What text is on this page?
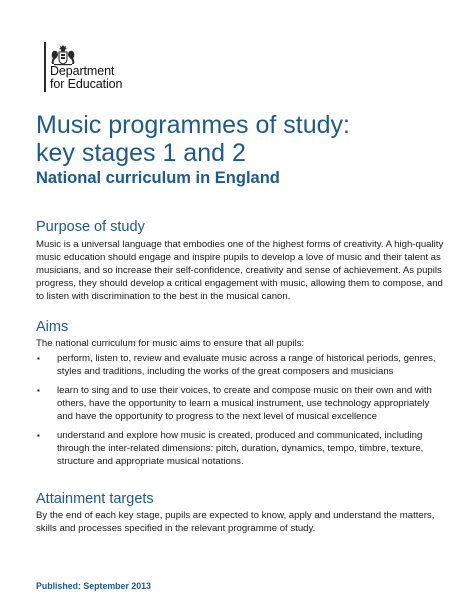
Department
for Education
Music programmes of study:
key stages 1 and 2
National curriculum in England
Purpose of study
Music is a universal language that embodies one of the highest forms of creativity. A high-quality music education should engage and inspire pupils to develop a love of music and their talent as musicians, and so increase their self-confidence, creativity and sense of achievement. As pupils progress, they should develop a critical engagement with music, allowing them to compose, and to listen with discrimination to the best in the musical canon.
Aims
The national curriculum for music aims to ensure that all pupils:
▪ perform, listen to, review and evaluate music across a range of historical periods, genres, styles and traditions, including the works of the great composers and musicians
▪ learn to sing and to use their voices, to create and compose music on their own and with others, have the opportunity to learn a musical instrument, use technology appropriately and have the opportunity to progress to the next level of musical excellence
▪ understand and explore how music is created, produced and communicated, including through the inter-related dimensions: pitch, duration, dynamics, tempo, timbre, texture, structure and appropriate musical notations.
Attainment targets
By the end of each key stage, pupils are expected to know, apply and understand the matters, skills and processes specified in the relevant programme of study.
Published: September 2013
